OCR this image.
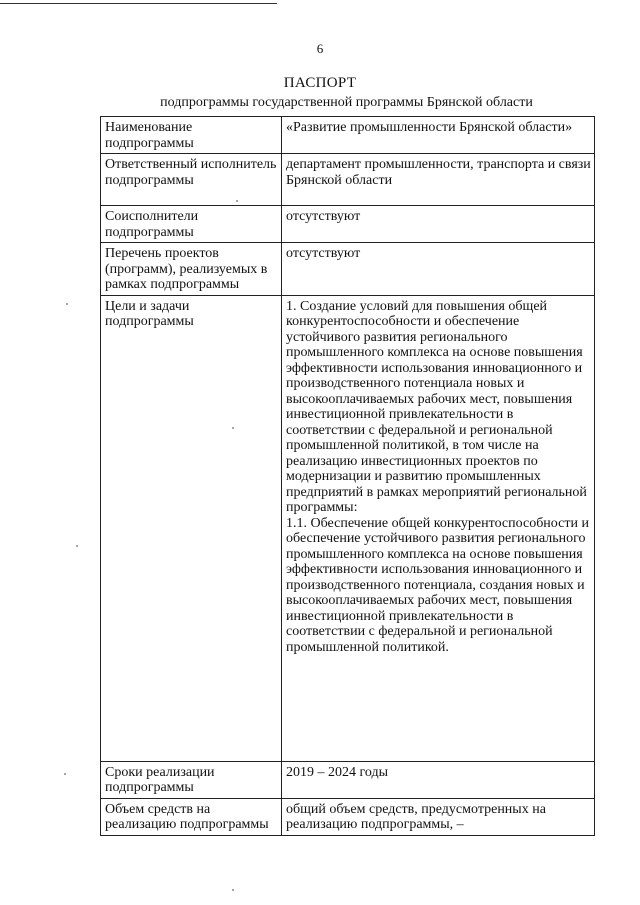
6
ПАСПОРТ
подпрограммы государственной программы Брянской области
Наименование подпрограммы	«Развитие промышленности Брянской области»
Ответственный исполнитель подпрограммы	департамент промышленности, транспорта и связи Брянской области
Соисполнители подпрограммы	отсутствуют
Перечень проектов (программ), реализуемых в рамках подпрограммы	отсутствуют
Цели и задачи подпрограммы	1. Создание условий для повышения общей конкурентоспособности и обеспечение устойчивого развития регионального промышленного комплекса на основе повышения эффективности использования инновационного и производственного потенциала новых и высокооплачиваемых рабочих мест, повышения инвестиционной привлекательности в соответствии с федеральной и региональной промышленной политикой, в том числе на реализацию инвестиционных проектов по модернизации и развитию промышленных предприятий в рамках мероприятий региональной программы:

1.1. Обеспечение общей конкурентоспособности и обеспечение устойчивого развития регионального промышленного комплекса на основе повышения эффективности использования инновационного и производственного потенциала, создания новых и высокооплачиваемых рабочих мест, повышения инвестиционной привлекательности в соответствии с федеральной и региональной промышленной политикой.

Сроки реализации подпрограммы	2019 – 2024 годы
Объем средств на реализацию подпрограммы	общий объем средств, предусмотренных на реализацию подпрограммы, –
